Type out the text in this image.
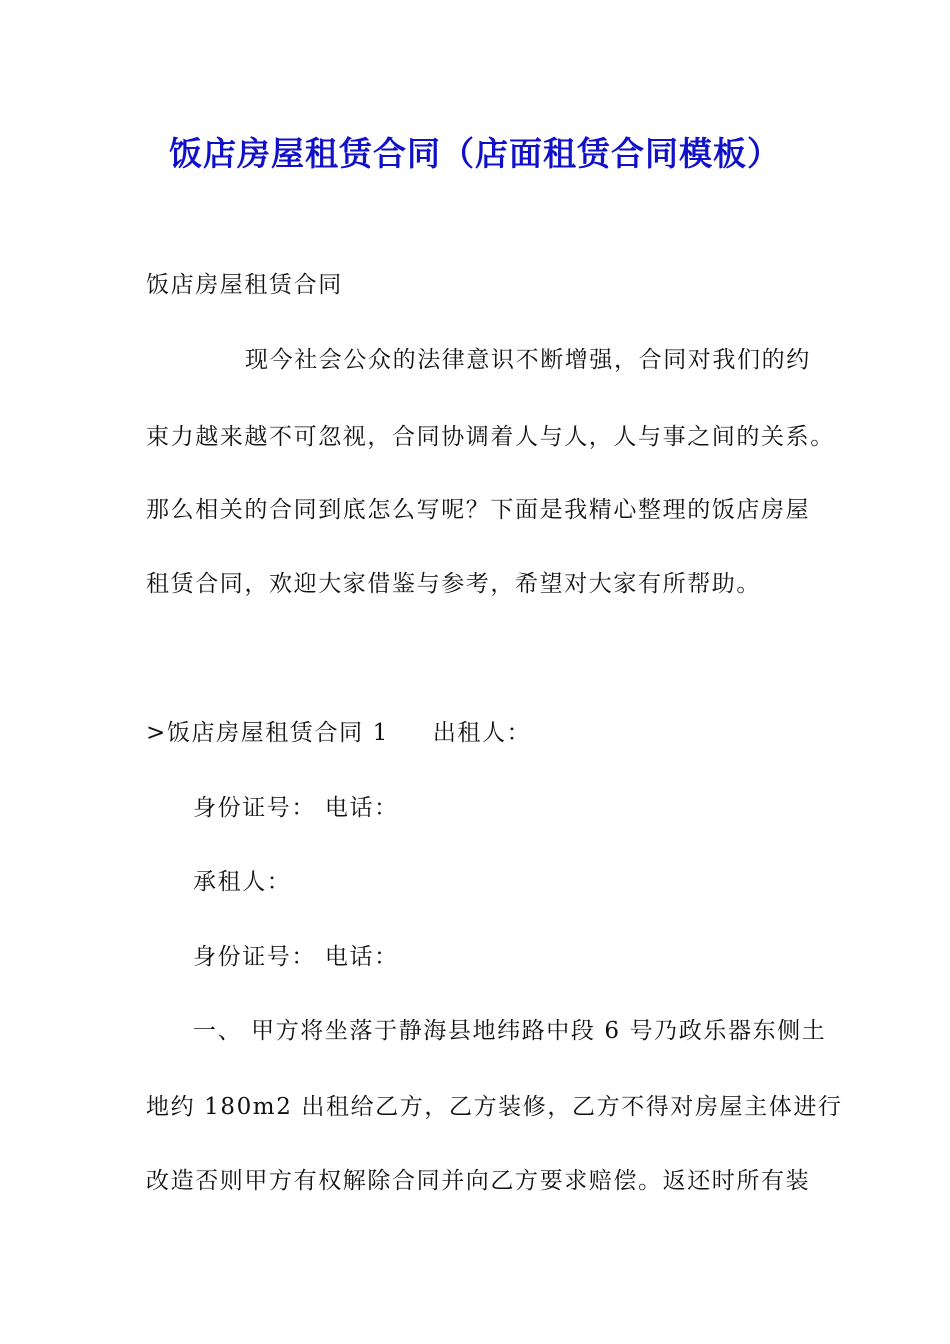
饭店房屋租赁合同（店面租赁合同模板）
饭店房屋租赁合同
现今社会公众的法律意识不断增强，合同对我们的约
束力越来越不可忽视，合同协调着人与人，人与事之间的关系。
那么相关的合同到底怎么写呢？下面是我精心整理的饭店房屋
租赁合同，欢迎大家借鉴与参考，希望对大家有所帮助。
>饭店房屋租赁合同 1 出租人：
身份证号： 电话：
承租人：
身份证号： 电话：
一、 甲方将坐落于静海县地纬路中段 6 号乃政乐器东侧土
地约 180m2 出租给乙方，乙方装修，乙方不得对房屋主体进行
改造否则甲方有权解除合同并向乙方要求赔偿。返还时所有装
